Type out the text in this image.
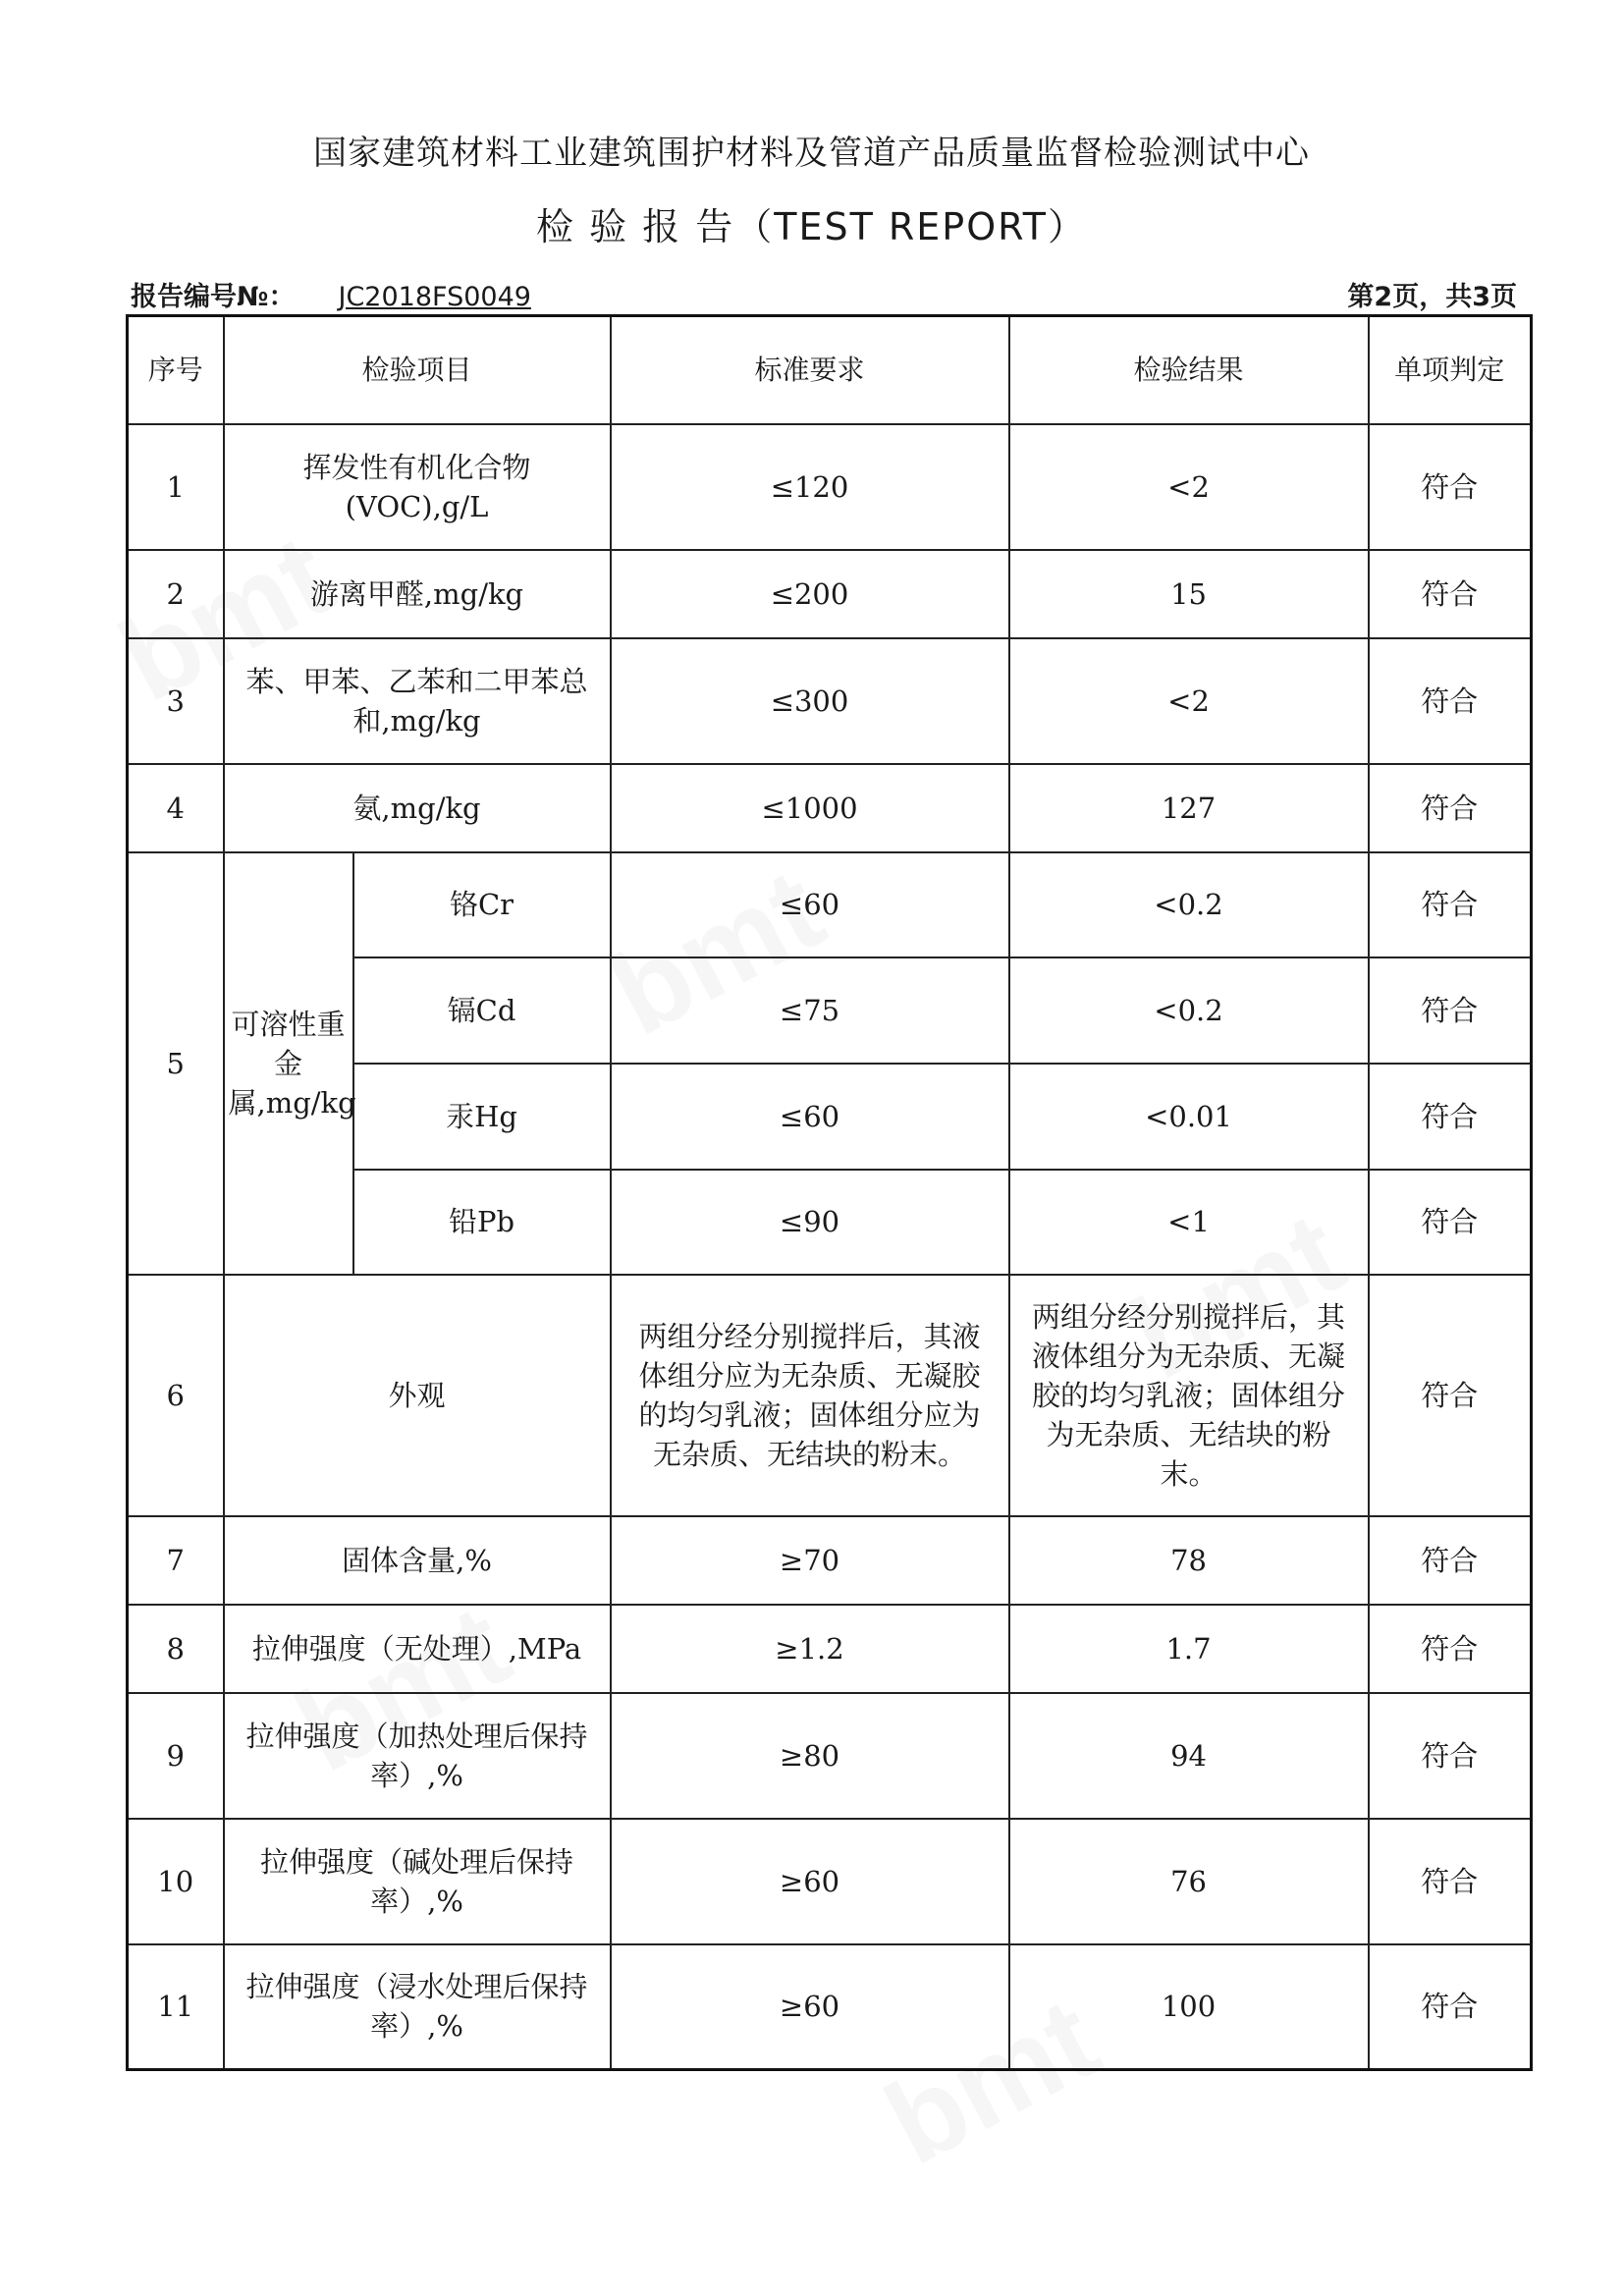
国家建筑材料工业建筑围护材料及管道产品质量监督检验测试中心
检 验 报 告（TEST REPORT）
报告编号№： JC2018FS0049	第2页，共3页
序号	检验项目		标准要求	检验结果	单项判定
1	挥发性有机化合物(VOC),g/L		≤120	<2	符合
2	游离甲醛,mg/kg		≤200	15	符合
3	苯、甲苯、乙苯和二甲苯总和,mg/kg		≤300	<2	符合
4	氨,mg/kg		≤1000	127	符合
5	可溶性重金属,mg/kg	铬Cr	≤60	<0.2	符合
		镉Cd	≤75	<0.2	符合
		汞Hg	≤60	<0.01	符合
		铅Pb	≤90	<1	符合
6	外观		两组分经分别搅拌后，其液体组分应为无杂质、无凝胶的均匀乳液；固体组分应为无杂质、无结块的粉末。	两组分经分别搅拌后，其液体组分为无杂质、无凝胶的均匀乳液；固体组分为无杂质、无结块的粉末。	符合
7	固体含量,%		≥70	78	符合
8	拉伸强度（无处理）,MPa		≥1.2	1.7	符合
9	拉伸强度（加热处理后保持率）,%		≥80	94	符合
10	拉伸强度（碱处理后保持率）,%		≥60	76	符合
11	拉伸强度（浸水处理后保持率）,%		≥60	100	符合
